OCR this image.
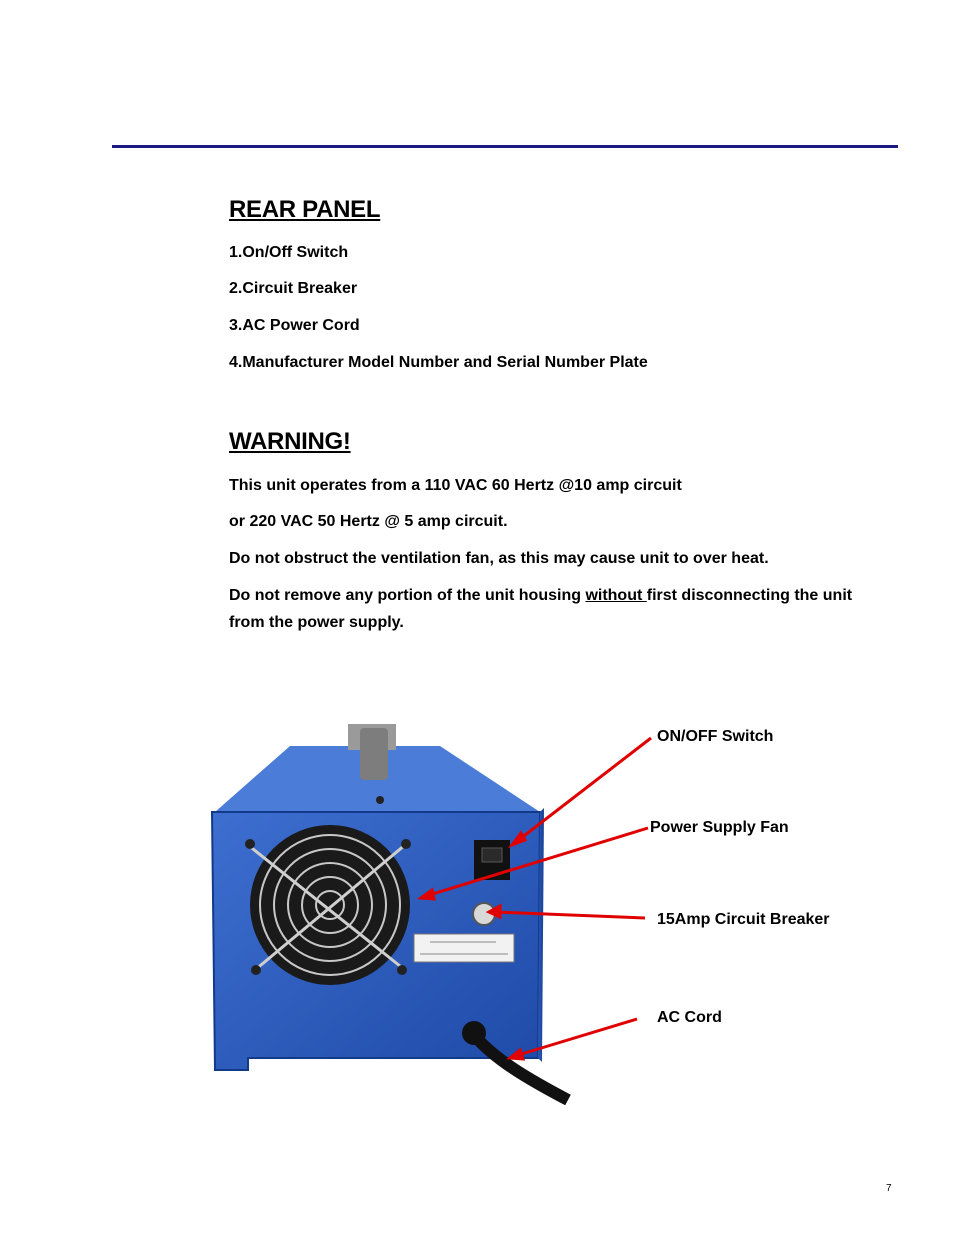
REAR PANEL
1.On/Off Switch
2.Circuit Breaker
3.AC Power Cord
4.Manufacturer Model Number and Serial Number Plate
WARNING!
This unit operates from a 110 VAC 60 Hertz @10 amp circuit
or 220 VAC 50 Hertz @ 5 amp circuit.
Do not obstruct the ventilation fan, as this may cause unit to over heat.
Do not remove any portion of the unit housing without first disconnecting the unit from the power supply.
ON/OFF Switch
Power Supply Fan
15Amp Circuit Breaker
AC Cord
7
